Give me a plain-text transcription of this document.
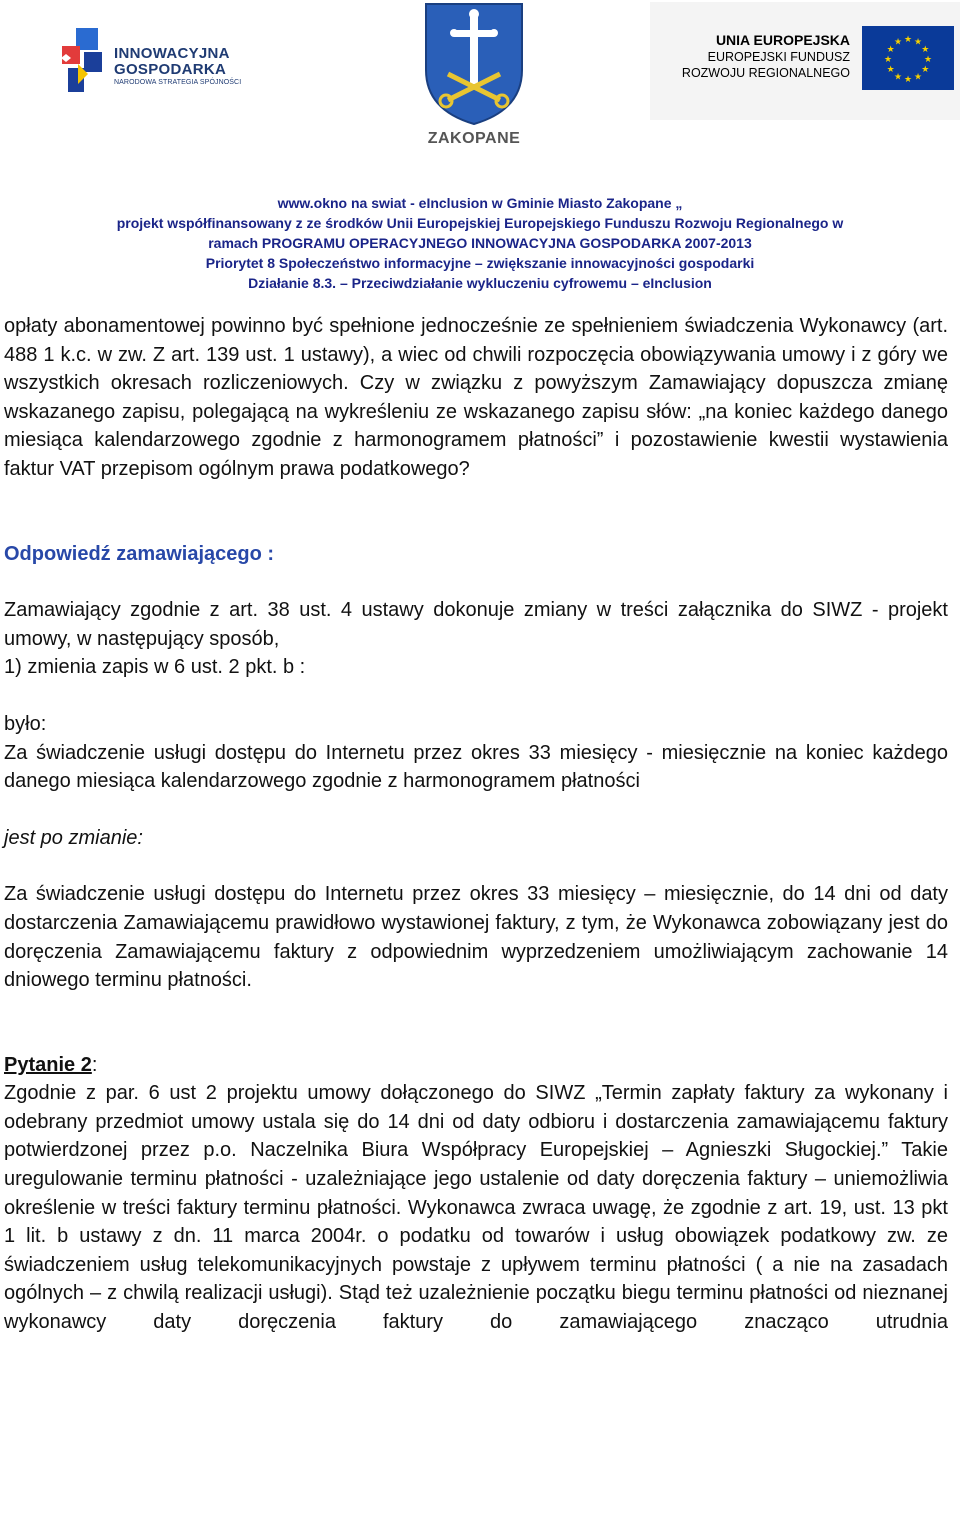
INNOWACYJNA
GOSPODARKA
NARODOWA STRATEGIA SPÓJNOŚCI
ZAKOPANE
UNIA EUROPEJSKA
EUROPEJSKI FUNDUSZ
ROZWOJU REGIONALNEGO
★ ★
★
★
★
★
★
★
★
★
★
★
www.okno na swiat - eInclusion w Gminie Miasto Zakopane „
projekt współfinansowany z ze środków Unii Europejskiej Europejskiego Funduszu Rozwoju Regionalnego w
ramach PROGRAMU OPERACYJNEGO INNOWACYJNA GOSPODARKA 2007-2013
Priorytet 8 Społeczeństwo informacyjne – zwiększanie innowacyjności gospodarki
Działanie 8.3. – Przeciwdziałanie wykluczeniu cyfrowemu – eInclusion

opłaty abonamentowej powinno być spełnione jednocześnie ze spełnieniem świadczenia Wykonawcy (art. 488 1 k.c. w zw. Z art. 139 ust. 1 ustawy), a wiec od chwili rozpoczęcia obowiązywania umowy i z góry we wszystkich okresach rozliczeniowych. Czy w związku z powyższym Zamawiający dopuszcza zmianę wskazanego zapisu, polegającą na wykreśleniu ze wskazanego zapisu słów: „na koniec każdego danego miesiąca kalendarzowego zgodnie z harmonogramem płatności” i pozostawienie kwestii wystawienia faktur VAT przepisom ogólnym prawa podatkowego?

Odpowiedź zamawiającego :

Zamawiający zgodnie z art. 38 ust. 4 ustawy dokonuje zmiany w treści załącznika do SIWZ - projekt umowy, w następujący sposób,

1) zmienia zapis w 6 ust. 2 pkt. b :

było:

Za świadczenie usługi dostępu do Internetu przez okres 33 miesięcy - miesięcznie na koniec każdego danego miesiąca kalendarzowego zgodnie z harmonogramem płatności

jest po zmianie:

Za świadczenie usługi dostępu do Internetu przez okres 33 miesięcy – miesięcznie, do 14 dni od daty dostarczenia Zamawiającemu prawidłowo wystawionej faktury, z tym, że Wykonawca zobowiązany jest do doręczenia Zamawiającemu faktury z odpowiednim wyprzedzeniem umożliwiającym zachowanie 14 dniowego terminu płatności.

Pytanie 2:

Zgodnie z par. 6 ust 2 projektu umowy dołączonego do SIWZ „Termin zapłaty faktury za wykonany i odebrany przedmiot umowy ustala się do 14 dni od daty odbioru i dostarczenia zamawiającemu faktury potwierdzonej przez p.o. Naczelnika Biura Współpracy Europejskiej – Agnieszki Sługockiej.” Takie uregulowanie terminu płatności - uzależniające jego ustalenie od daty doręczenia faktury – uniemożliwia określenie w treści faktury terminu płatności. Wykonawca zwraca uwagę, że zgodnie z art. 19, ust. 13 pkt 1 lit. b ustawy z dn. 11 marca 2004r. o podatku od towarów i usług obowiązek podatkowy zw. ze świadczeniem usług telekomunikacyjnych powstaje z upływem terminu płatności ( a nie na zasadach ogólnych – z chwilą realizacji usługi). Stąd też uzależnienie początku biegu terminu płatności od nieznanej wykonawcy daty doręczenia faktury do zamawiającego znacząco utrudnia
